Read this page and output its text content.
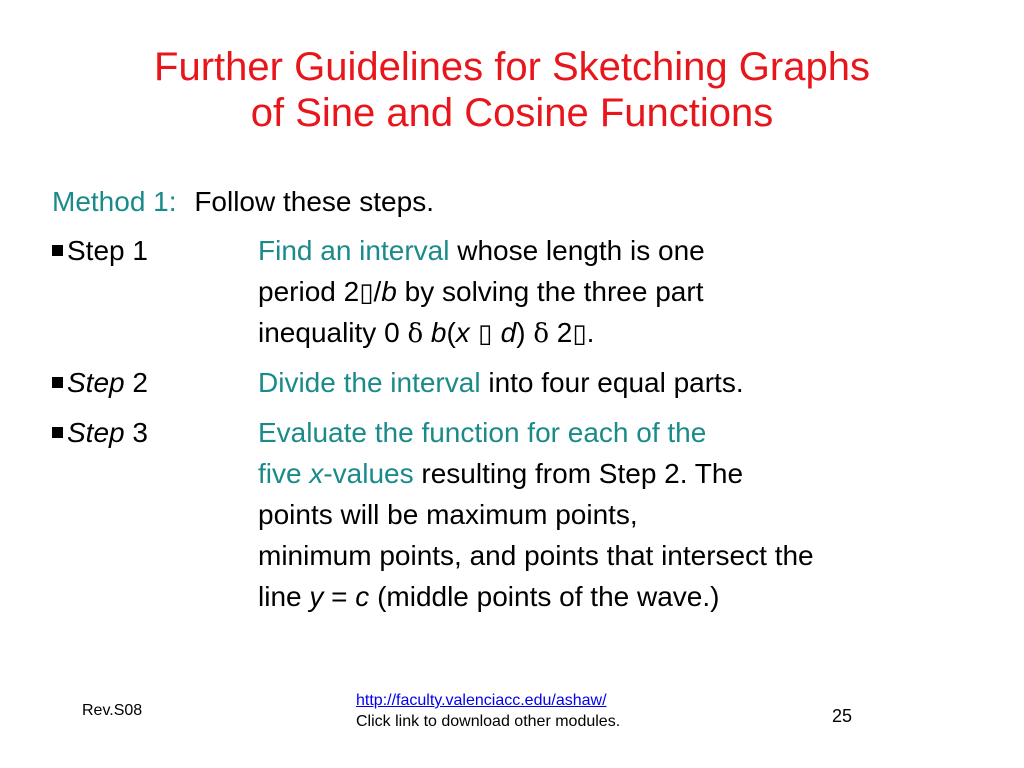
Further Guidelines for Sketching Graphs
of Sine and Cosine Functions
Method 1: Follow these steps.
Step 1	Find an interval whose length is one
period 2▯/b by solving the three part
inequality 0 δ b(x ▯ d) δ 2▯.
Step 2	Divide the interval into four equal parts.
Step 3	Evaluate the function for each of the
five x-values resulting from Step 2. The
points will be maximum points,
minimum points, and points that intersect the
line y = c (middle points of the wave.)
Rev.S08
http://faculty.valenciacc.edu/ashaw/
Click link to download other modules.	25
